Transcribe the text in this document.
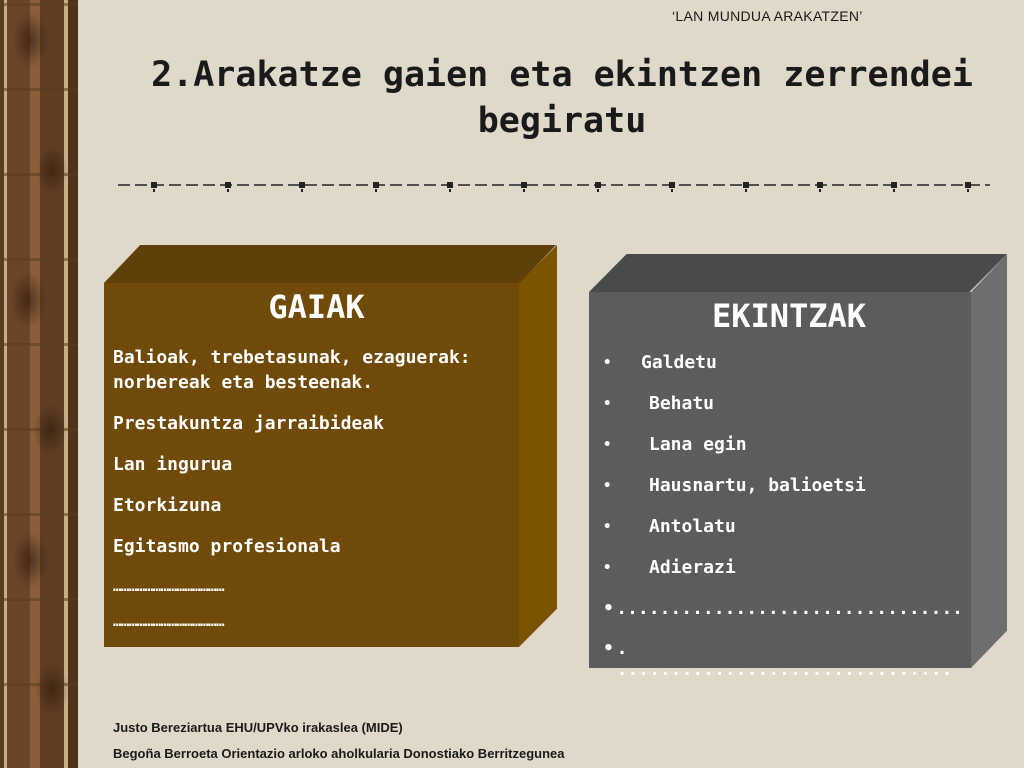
‘LAN MUNDUA ARAKATZEN’
2.Arakatze gaien eta ekintzen zerrendei
begiratu
GAIAK
Balioak, trebetasunak, ezaguerak: norbereak eta besteenak.
Prestakuntza jarraibideak
Lan ingurua
Etorkizuna
Egitasmo profesionala
……………………………………
……………………………………
EKINTZAK
•	Galdetu
•	Behatu
•	Lana egin
•	Hausnartu, balioetsi
•	Antolatu
•	Adierazi
• ................................
• . ...............................
Justo Bereziartua EHU/UPVko irakaslea (MIDE)
Begoña Berroeta Orientazio arloko aholkularia Donostiako Berritzegunea
